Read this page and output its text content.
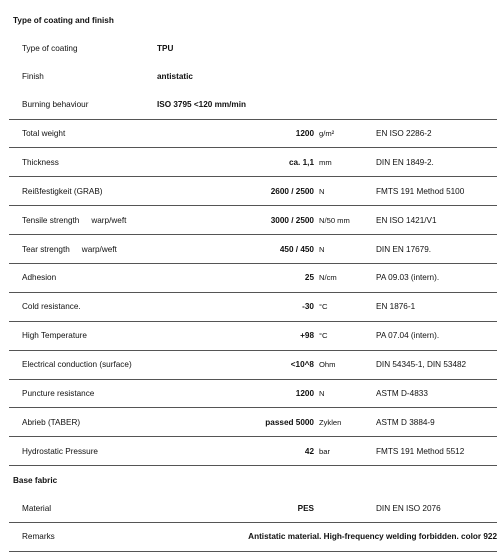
Type of coating and finish			
Type of coating	TPU		
Finish	antistatic		
Burning behaviour	ISO 3795 <120 mm/min		
Total weight	1200	g/m²	EN ISO 2286-2
Thickness	ca. 1,1	mm	DIN EN 1849-2.
Reißfestigkeit (GRAB)	2600 / 2500	N	FMTS 191 Method 5100
Tensile strength warp/weft	3000 / 2500	N/50 mm	EN ISO 1421/V1
Tear strength warp/weft	450 / 450	N	DIN EN 17679.
Adhesion	25	N/cm	PA 09.03 (intern).
Cold resistance.	-30	°C	EN 1876-1
High Temperature	+98	°C	PA 07.04 (intern).
Electrical conduction (surface)	<10^8	Ohm	DIN 54345-1, DIN 53482
Puncture resistance	1200	N	ASTM D-4833
Abrieb (TABER)	passed 5000	Zyklen	ASTM D 3884-9
Hydrostatic Pressure	42	bar	FMTS 191 Method 5512
Base fabric			
Material	PES		DIN EN ISO 2076
Remarks	Antistatic material. High-frequency welding forbidden. color 922		
